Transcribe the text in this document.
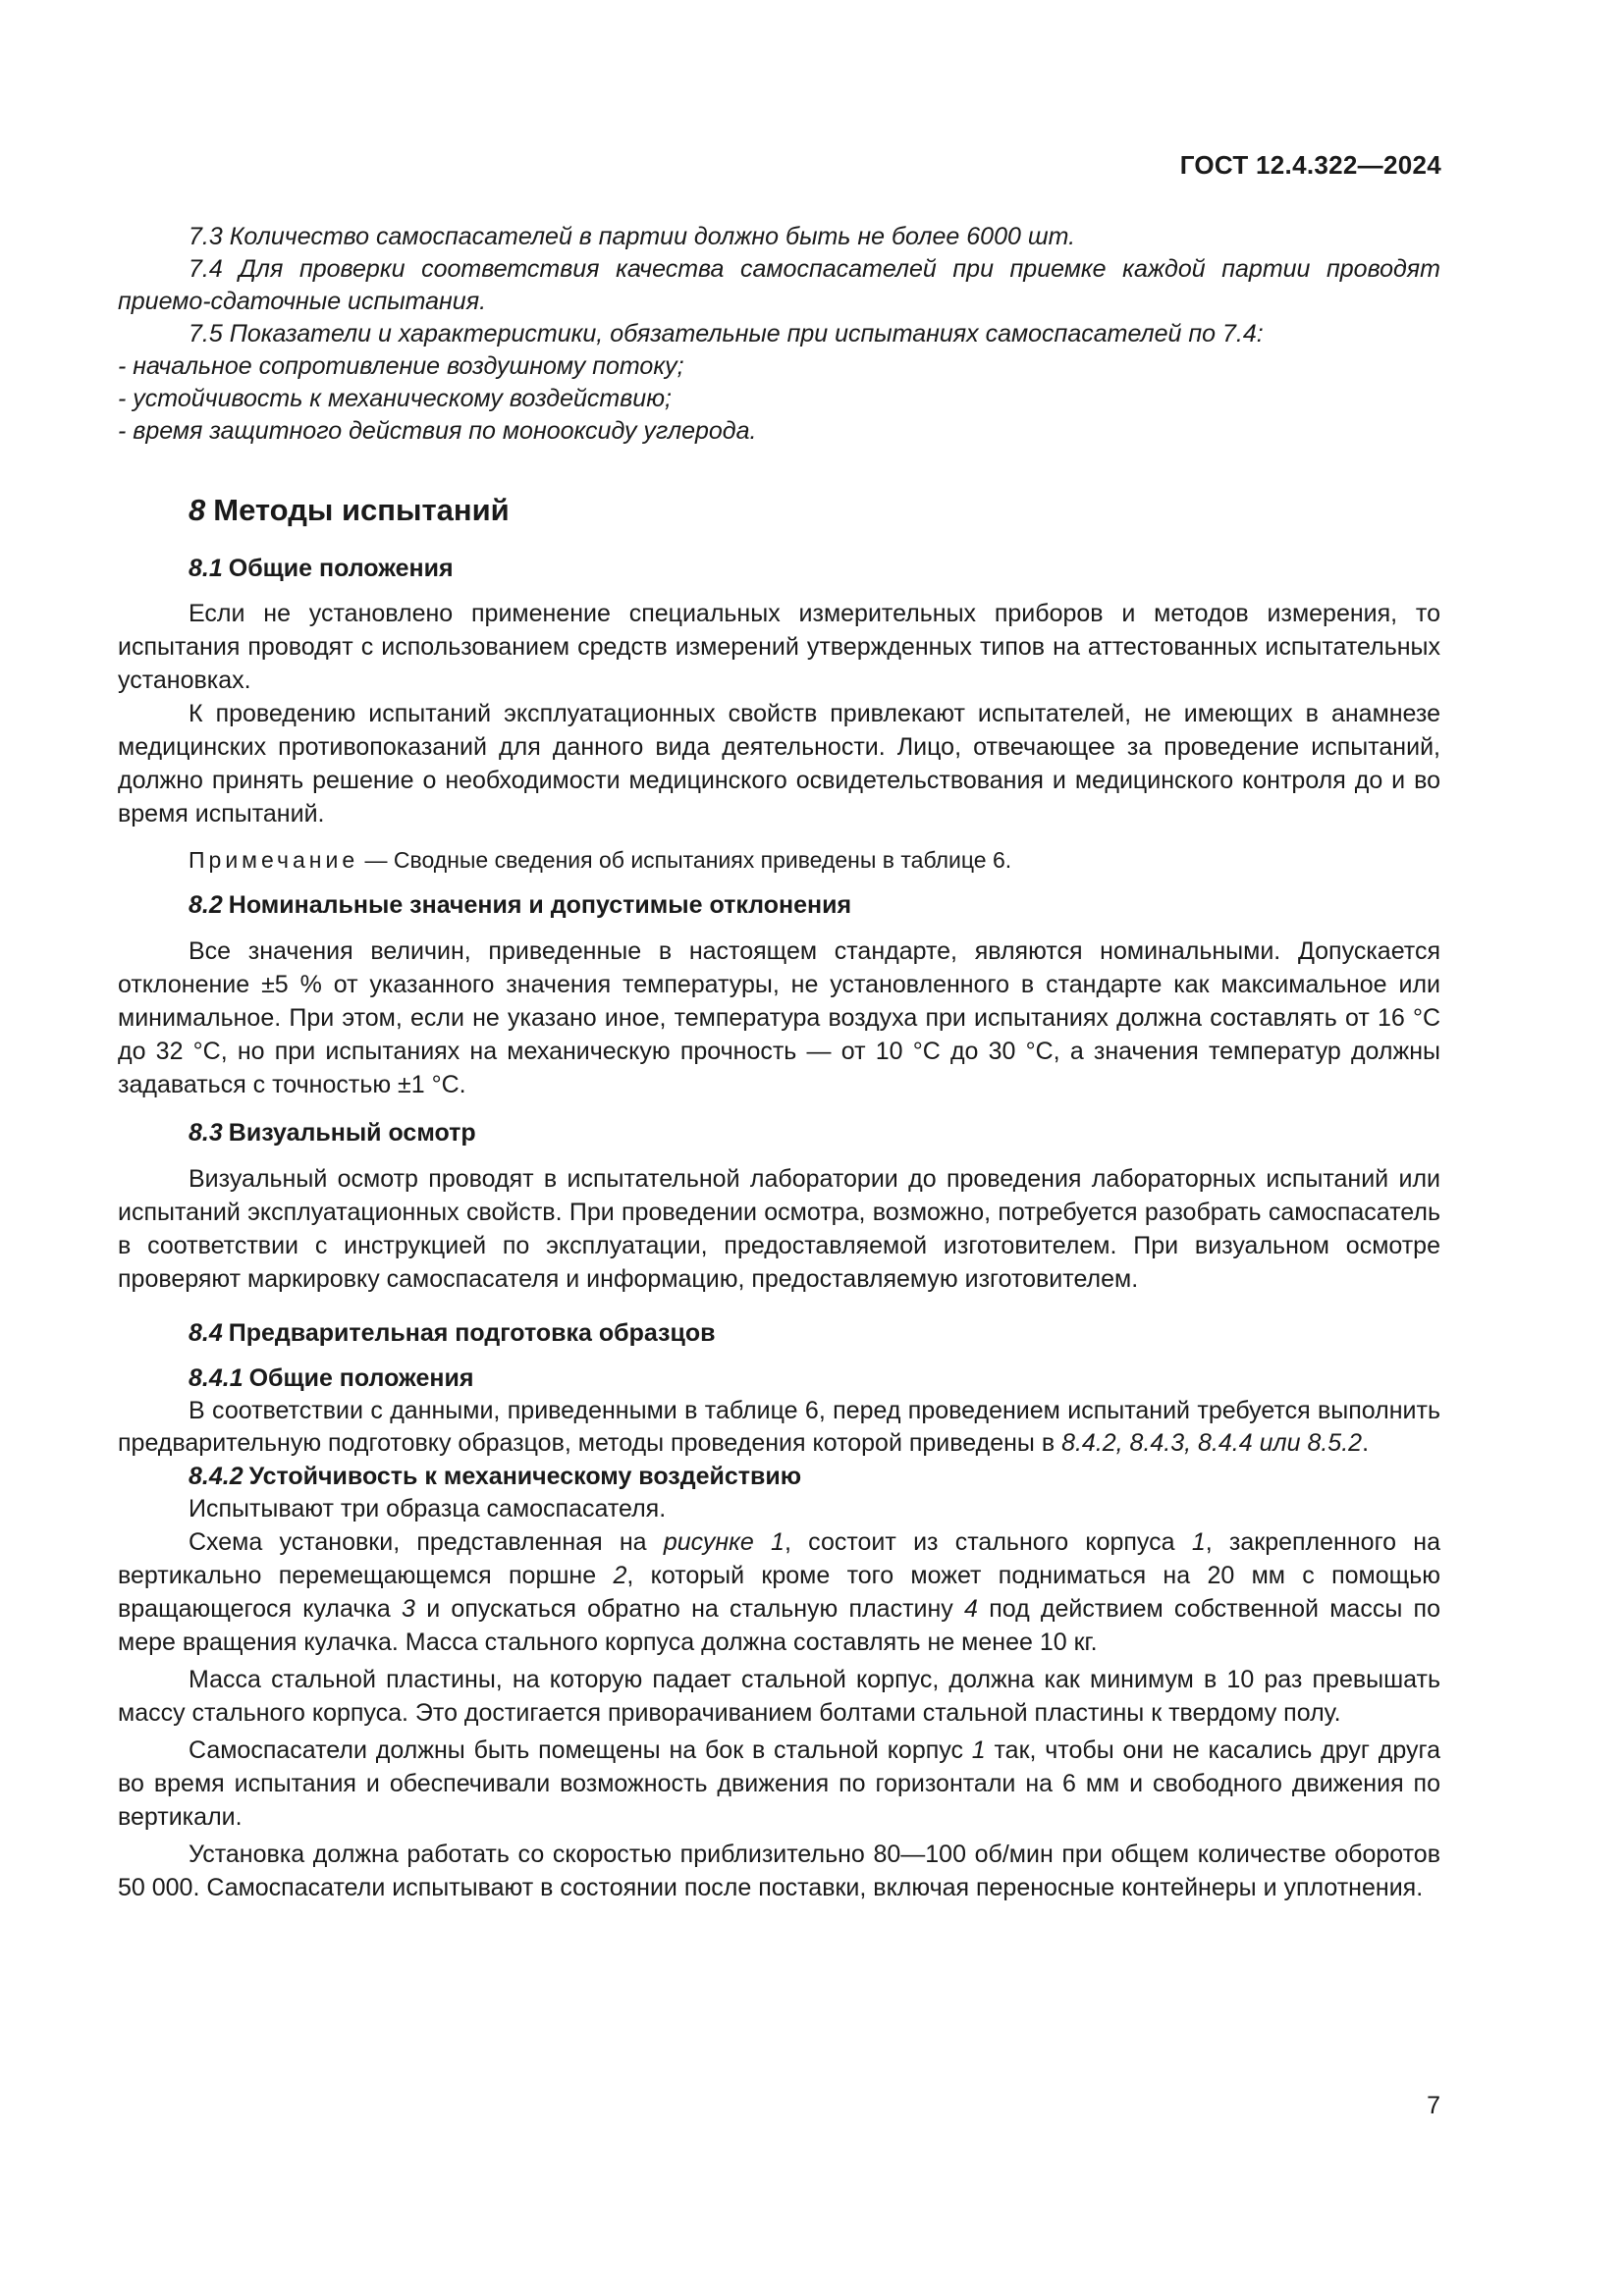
ГОСТ 12.4.322—2024

7.3 Количество самоспасателей в партии должно быть не более 6000 шт.

7.4 Для проверки соответствия качества самоспасателей при приемке каждой партии проводят приемо-сдаточные испытания.

7.5 Показатели и характеристики, обязательные при испытаниях самоспасателей по 7.4:

- начальное сопротивление воздушному потоку;

- устойчивость к механическому воздействию;

- время защитного действия по монооксиду углерода.

8 Методы испытаний
8.1 Общие положения

Если не установлено применение специальных измерительных приборов и методов измерения, то испытания проводят с использованием средств измерений утвержденных типов на аттестованных испытательных установках.

К проведению испытаний эксплуатационных свойств привлекают испытателей, не имеющих в анамнезе медицинских противопоказаний для данного вида деятельности. Лицо, отвечающее за проведение испытаний, должно принять решение о необходимости медицинского освидетельствования и медицинского контроля до и во время испытаний.

Примечание — Сводные сведения об испытаниях приведены в таблице 6.

8.2 Номинальные значения и допустимые отклонения

Все значения величин, приведенные в настоящем стандарте, являются номинальными. Допускается отклонение ±5 % от указанного значения температуры, не установленного в стандарте как максимальное или минимальное. При этом, если не указано иное, температура воздуха при испытаниях должна составлять от 16 °С до 32 °С, но при испытаниях на механическую прочность — от 10 °С до 30 °С, а значения температур должны задаваться с точностью ±1 °С.

8.3 Визуальный осмотр

Визуальный осмотр проводят в испытательной лаборатории до проведения лабораторных испытаний или испытаний эксплуатационных свойств. При проведении осмотра, возможно, потребуется разобрать самоспасатель в соответствии с инструкцией по эксплуатации, предоставляемой изготовителем. При визуальном осмотре проверяют маркировку самоспасателя и информацию, предоставляемую изготовителем.

8.4 Предварительная подготовка образцов
8.4.1 Общие положения

В соответствии с данными, приведенными в таблице 6, перед проведением испытаний требуется выполнить предварительную подготовку образцов, методы проведения которой приведены в 8.4.2, 8.4.3, 8.4.4 или 8.5.2.

8.4.2 Устойчивость к механическому воздействию

Испытывают три образца самоспасателя.

Схема установки, представленная на рисунке 1, состоит из стального корпуса 1, закрепленного на вертикально перемещающемся поршне 2, который кроме того может подниматься на 20 мм с помощью вращающегося кулачка 3 и опускаться обратно на стальную пластину 4 под действием собственной массы по мере вращения кулачка. Масса стального корпуса должна составлять не менее 10 кг.

Масса стальной пластины, на которую падает стальной корпус, должна как минимум в 10 раз превышать массу стального корпуса. Это достигается приворачиванием болтами стальной пластины к твердому полу.

Самоспасатели должны быть помещены на бок в стальной корпус 1 так, чтобы они не касались друг друга во время испытания и обеспечивали возможность движения по горизонтали на 6 мм и свободного движения по вертикали.

Установка должна работать со скоростью приблизительно 80—100 об/мин при общем количестве оборотов 50 000. Самоспасатели испытывают в состоянии после поставки, включая переносные контейнеры и уплотнения.

7
